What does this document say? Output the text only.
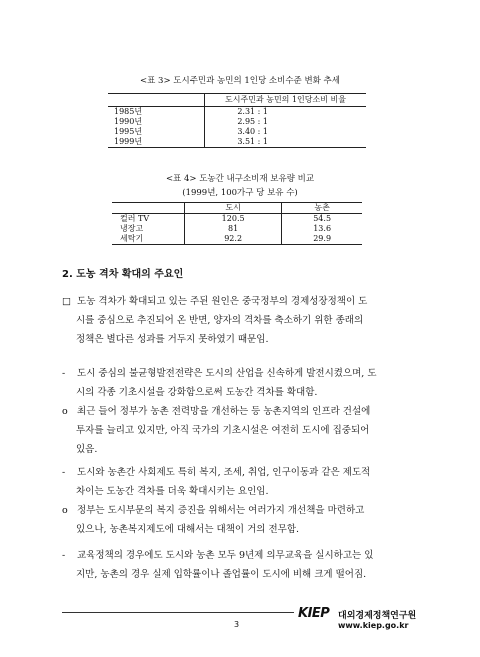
<표 3> 도시주민과 농민의 1인당 소비수준 변화 추세
	도시주민과 농민의 1인당소비 비율
1985년	2.31 : 1
1990년	2.95 : 1
1995년	3.40 : 1
1999년	3.51 : 1
<표 4> 도농간 내구소비재 보유량 비교
(1999년, 100가구 당 보유 수)
	도시	농촌
컬러 TV	120.5	54.5
냉장고	81	13.6
세탁기	92.2	29.9
2. 도농 격차 확대의 주요인
□ 도농 격차가 확대되고 있는 주된 원인은 중국정부의 경제성장정책이 도
시를 중심으로 추진되어 온 반면, 양자의 격차를 축소하기 위한 종래의
정책은 별다른 성과를 거두지 못하였기 때문임.
- 도시 중심의 불균형발전전략은 도시의 산업을 신속하게 발전시켰으며, 도
시의 각종 기초시설을 강화함으로써 도농간 격차를 확대함.
o 최근 들어 정부가 농촌 전력망을 개선하는 등 농촌지역의 인프라 건설에
투자를 늘리고 있지만, 아직 국가의 기초시설은 여전히 도시에 집중되어
있음.
- 도시와 농촌간 사회제도 특히 복지, 조세, 취업, 인구이동과 같은 제도적
차이는 도농간 격차를 더욱 확대시키는 요인임.
o 정부는 도시부문의 복지 증진을 위해서는 여러가지 개선책을 마련하고
있으나, 농촌복지제도에 대해서는 대책이 거의 전무함.
- 교육정책의 경우에도 도시와 농촌 모두 9년제 의무교육을 실시하고는 있
지만, 농촌의 경우 실제 입학률이나 졸업률이 도시에 비해 크게 떨어짐.
3
KIEP 대외경제정책연구원
www.kiep.go.kr
